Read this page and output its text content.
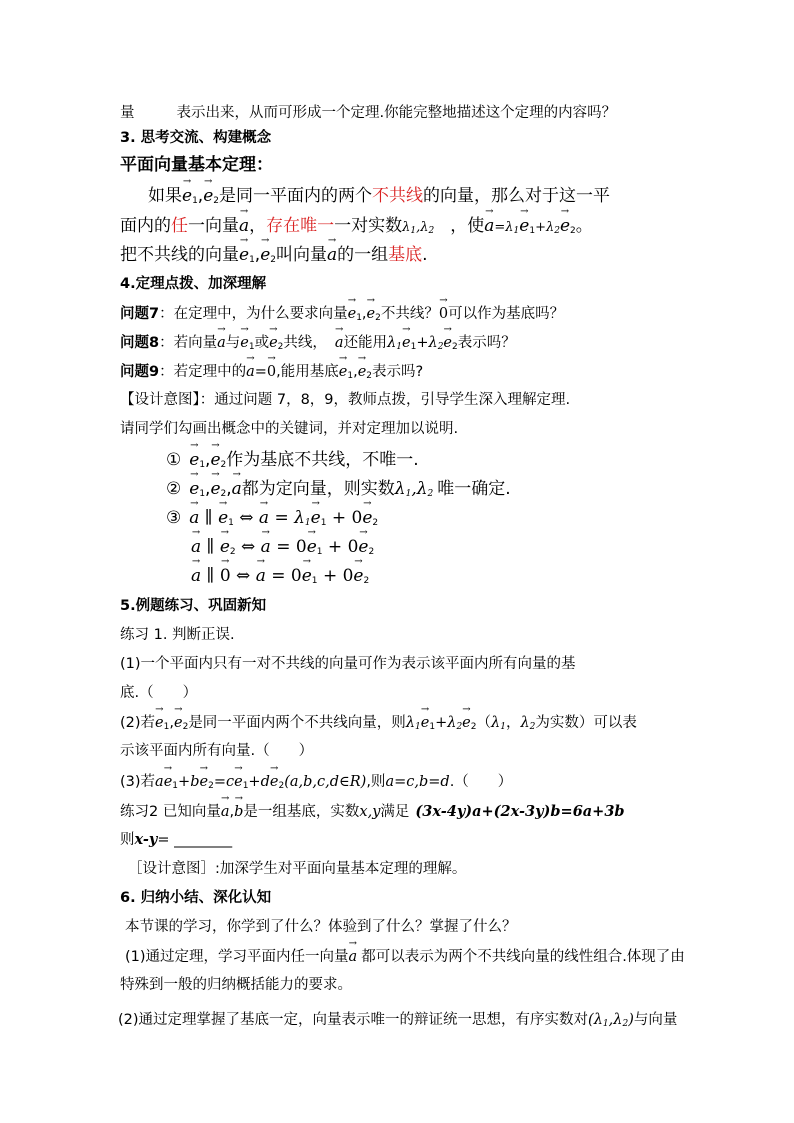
量	表示出来，从而可形成一个定理.你能完整地描述这个定理的内容吗？
3. 思考交流、构建概念
平面向量基本定理：
如果→ $e_1,\to e_2$是同一平面内的两个不共线的向量，那么对于这一平
面内的任一向量→ a，存在唯一一对实数$\lambda_1,\lambda_2$ ，使→ $a=\lambda_1\to e_1+\lambda_2\to e_2$。
把不共线的向量→ $e_1,\to e_2$叫向量→ a的一组基底.
4.定理点拨、加深理解
问题7：在定理中，为什么要求向量→ $e_1,\to e_2$不共线？→ 0可以作为基底吗？
问题8：若向量→ a与→ $e_1$或→ $e_2$共线， → a还能用$\lambda_1\to e_1+\lambda_2\to e_2$表示吗？
问题9：若定理中的→ a=→ 0,能用基底→ $e_1,\to e_2$表示吗?
【设计意图】：通过问题 7，8，9，教师点拨，引导学生深入理解定理.
请同学们勾画出概念中的关键词，并对定理加以说明.
① → $e_1,\to e_2$作为基底不共线，不唯一.
② → $e_1,\to e_2,\to a$都为定向量，则实数$\lambda_1,\lambda_2$ 唯一确定.
③ → a ∥ → $e_1$ ⇔ → $a = \lambda_1\to e_1 + 0\to e_2$
→ a ∥ → $e_2$ ⇔ → $a = 0\to e_1 + 0\to e_2$
→ a ∥ → 0 ⇔ → $a = 0\to e_1 + 0\to e_2$
5.例题练习、巩固新知
练习 1. 判断正误.
(1)一个平面内只有一对不共线的向量可作为表示该平面内所有向量的基
底.（　　）
(2)若→ $e_1,\to e_2$是同一平面内两个不共线向量，则$\lambda_1\to e_1+\lambda_2\to e_2(\lambda_1$，$\lambda_2$为实数）可以表
示该平面内所有向量.（　　）
(3)若$a\to e_1+b\to e_2=c\to e_1+d\to$ $e_2(a,b,c,d\in R)$,则a=c,b=d.（　　）
练习2 已知向量→ a,→ b是一组基底，实数x,y满足 (3x-4y)a+(2x-3y)b=6a+3b
则x-y= ________
［设计意图］:加深学生对平面向量基本定理的理解。
6. 归纳小结、深化认知
本节课的学习，你学到了什么？体验到了什么？掌握了什么？
(1)通过定理，学习平面内任一向量→ a 都可以表示为两个不共线向量的线性组合.体现了由
特殊到一般的归纳概括能力的要求。
(2)通过定理掌握了基底一定，向量表示唯一的辩证统一思想，有序实数对$(\lambda_1,\lambda_2)$与向量
